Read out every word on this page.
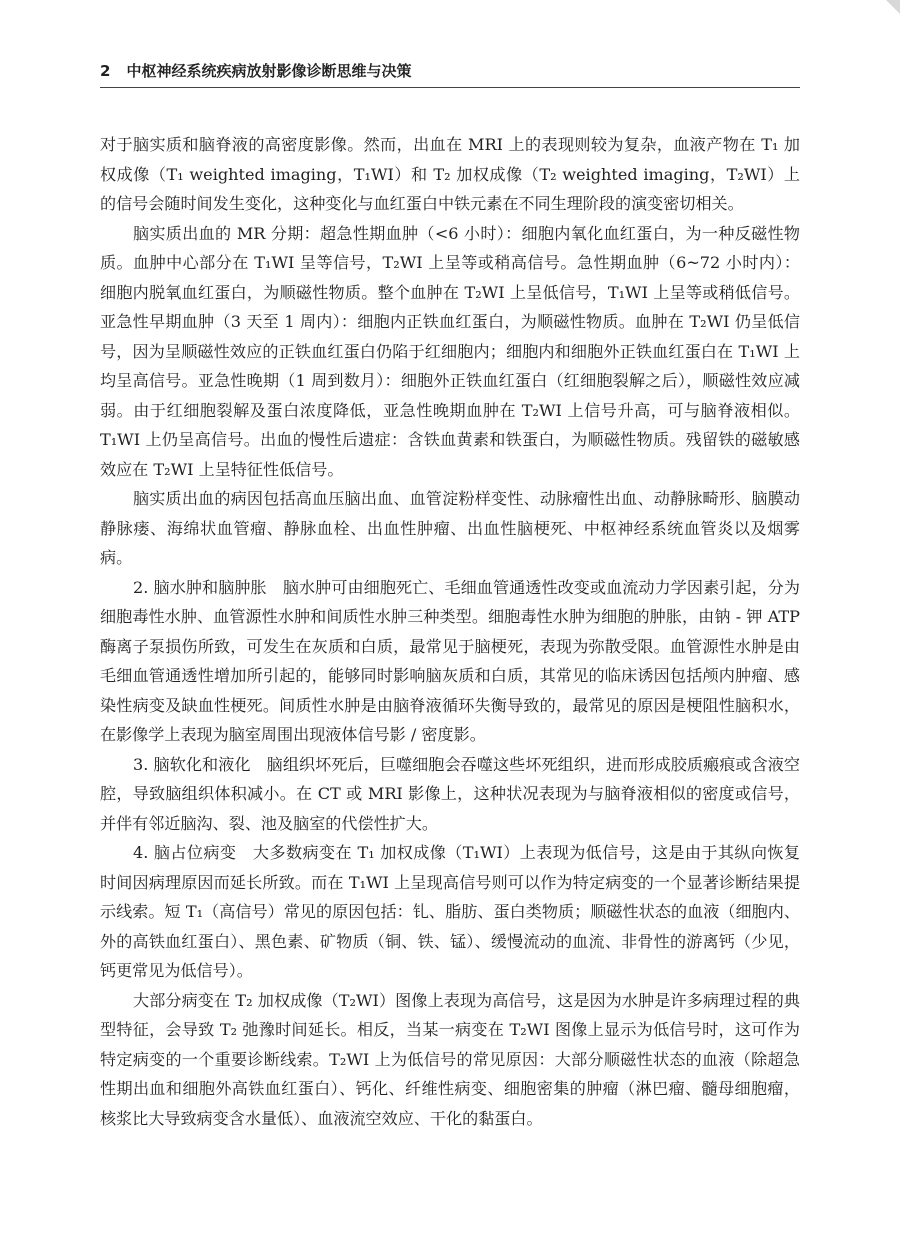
2 中枢神经系统疾病放射影像诊断思维与决策

对于脑实质和脑脊液的高密度影像。然而，出血在 MRI 上的表现则较为复杂，血液产物在 T₁ 加权成像（T₁ weighted imaging，T₁WI）和 T₂ 加权成像（T₂ weighted imaging，T₂WI）上的信号会随时间发生变化，这种变化与血红蛋白中铁元素在不同生理阶段的演变密切相关。

脑实质出血的 MR 分期：超急性期血肿（<6 小时）：细胞内氧化血红蛋白，为一种反磁性物质。血肿中心部分在 T₁WI 呈等信号，T₂WI 上呈等或稍高信号。急性期血肿（6~72 小时内）：细胞内脱氧血红蛋白，为顺磁性物质。整个血肿在 T₂WI 上呈低信号，T₁WI 上呈等或稍低信号。亚急性早期血肿（3 天至 1 周内）：细胞内正铁血红蛋白，为顺磁性物质。血肿在 T₂WI 仍呈低信号，因为呈顺磁性效应的正铁血红蛋白仍陷于红细胞内；细胞内和细胞外正铁血红蛋白在 T₁WI 上均呈高信号。亚急性晚期（1 周到数月）：细胞外正铁血红蛋白（红细胞裂解之后），顺磁性效应减弱。由于红细胞裂解及蛋白浓度降低，亚急性晚期血肿在 T₂WI 上信号升高，可与脑脊液相似。T₁WI 上仍呈高信号。出血的慢性后遗症：含铁血黄素和铁蛋白，为顺磁性物质。残留铁的磁敏感效应在 T₂WI 上呈特征性低信号。

脑实质出血的病因包括高血压脑出血、血管淀粉样变性、动脉瘤性出血、动静脉畸形、脑膜动静脉瘘、海绵状血管瘤、静脉血栓、出血性肿瘤、出血性脑梗死、中枢神经系统血管炎以及烟雾病。

2. 脑水肿和脑肿胀　脑水肿可由细胞死亡、毛细血管通透性改变或血流动力学因素引起，分为细胞毒性水肿、血管源性水肿和间质性水肿三种类型。细胞毒性水肿为细胞的肿胀，由钠 - 钾 ATP 酶离子泵损伤所致，可发生在灰质和白质，最常见于脑梗死，表现为弥散受限。血管源性水肿是由毛细血管通透性增加所引起的，能够同时影响脑灰质和白质，其常见的临床诱因包括颅内肿瘤、感染性病变及缺血性梗死。间质性水肿是由脑脊液循环失衡导致的，最常见的原因是梗阻性脑积水，在影像学上表现为脑室周围出现液体信号影 / 密度影。

3. 脑软化和液化　脑组织坏死后，巨噬细胞会吞噬这些坏死组织，进而形成胶质瘢痕或含液空腔，导致脑组织体积减小。在 CT 或 MRI 影像上，这种状况表现为与脑脊液相似的密度或信号，并伴有邻近脑沟、裂、池及脑室的代偿性扩大。

4. 脑占位病变　大多数病变在 T₁ 加权成像（T₁WI）上表现为低信号，这是由于其纵向恢复时间因病理原因而延长所致。而在 T₁WI 上呈现高信号则可以作为特定病变的一个显著诊断结果提示线索。短 T₁（高信号）常见的原因包括：钆、脂肪、蛋白类物质；顺磁性状态的血液（细胞内、外的高铁血红蛋白）、黑色素、矿物质（铜、铁、锰）、缓慢流动的血流、非骨性的游离钙（少见，钙更常见为低信号）。

大部分病变在 T₂ 加权成像（T₂WI）图像上表现为高信号，这是因为水肿是许多病理过程的典型特征，会导致 T₂ 弛豫时间延长。相反，当某一病变在 T₂WI 图像上显示为低信号时，这可作为特定病变的一个重要诊断线索。T₂WI 上为低信号的常见原因：大部分顺磁性状态的血液（除超急性期出血和细胞外高铁血红蛋白）、钙化、纤维性病变、细胞密集的肿瘤（淋巴瘤、髓母细胞瘤，核浆比大导致病变含水量低）、血液流空效应、干化的黏蛋白。
